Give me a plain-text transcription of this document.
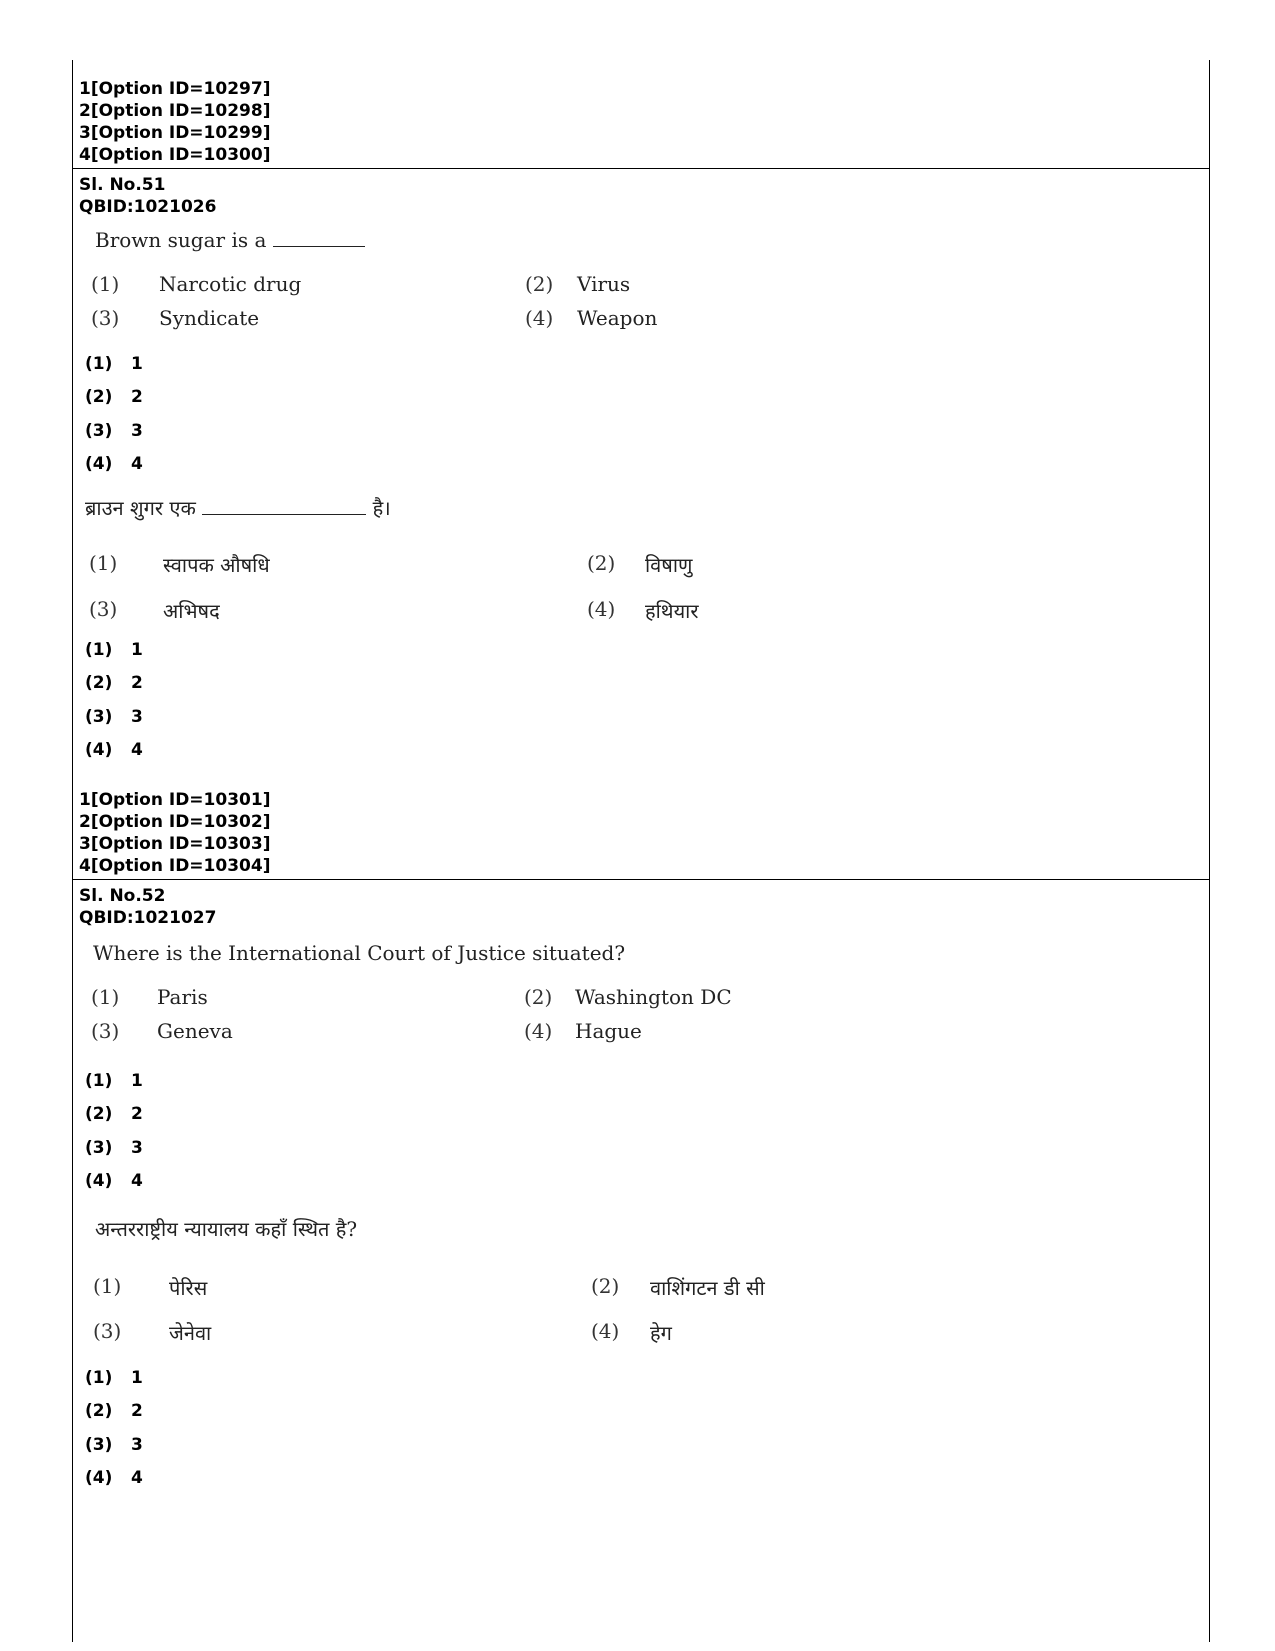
1[Option ID=10297]
2[Option ID=10298]
3[Option ID=10299]
4[Option ID=10300]
Sl. No.51
QBID:1021026
Brown sugar is a
(1) Narcotic drug	(2) Virus
(3) Syndicate	(4) Weapon
(1) 1
(2) 2
(3) 3
(4) 4
ब्राउन शुगर एक	है।
(1) स्वापक औषधि	(2) विषाणु
(3) अभिषद	(4) हथियार
(1) 1
(2) 2
(3) 3
(4) 4
1[Option ID=10301]
2[Option ID=10302]
3[Option ID=10303]
4[Option ID=10304]
Sl. No.52
QBID:1021027
Where is the International Court of Justice situated?
(1) Paris	(2) Washington DC
(3) Geneva	(4) Hague
(1) 1
(2) 2
(3) 3
(4) 4
अन्तरराष्ट्रीय न्यायालय कहाँ स्थित है?
(1) पेरिस	(2) वाशिंगटन डी सी
(3) जेनेवा	(4) हेग
(1) 1
(2) 2
(3) 3
(4) 4
